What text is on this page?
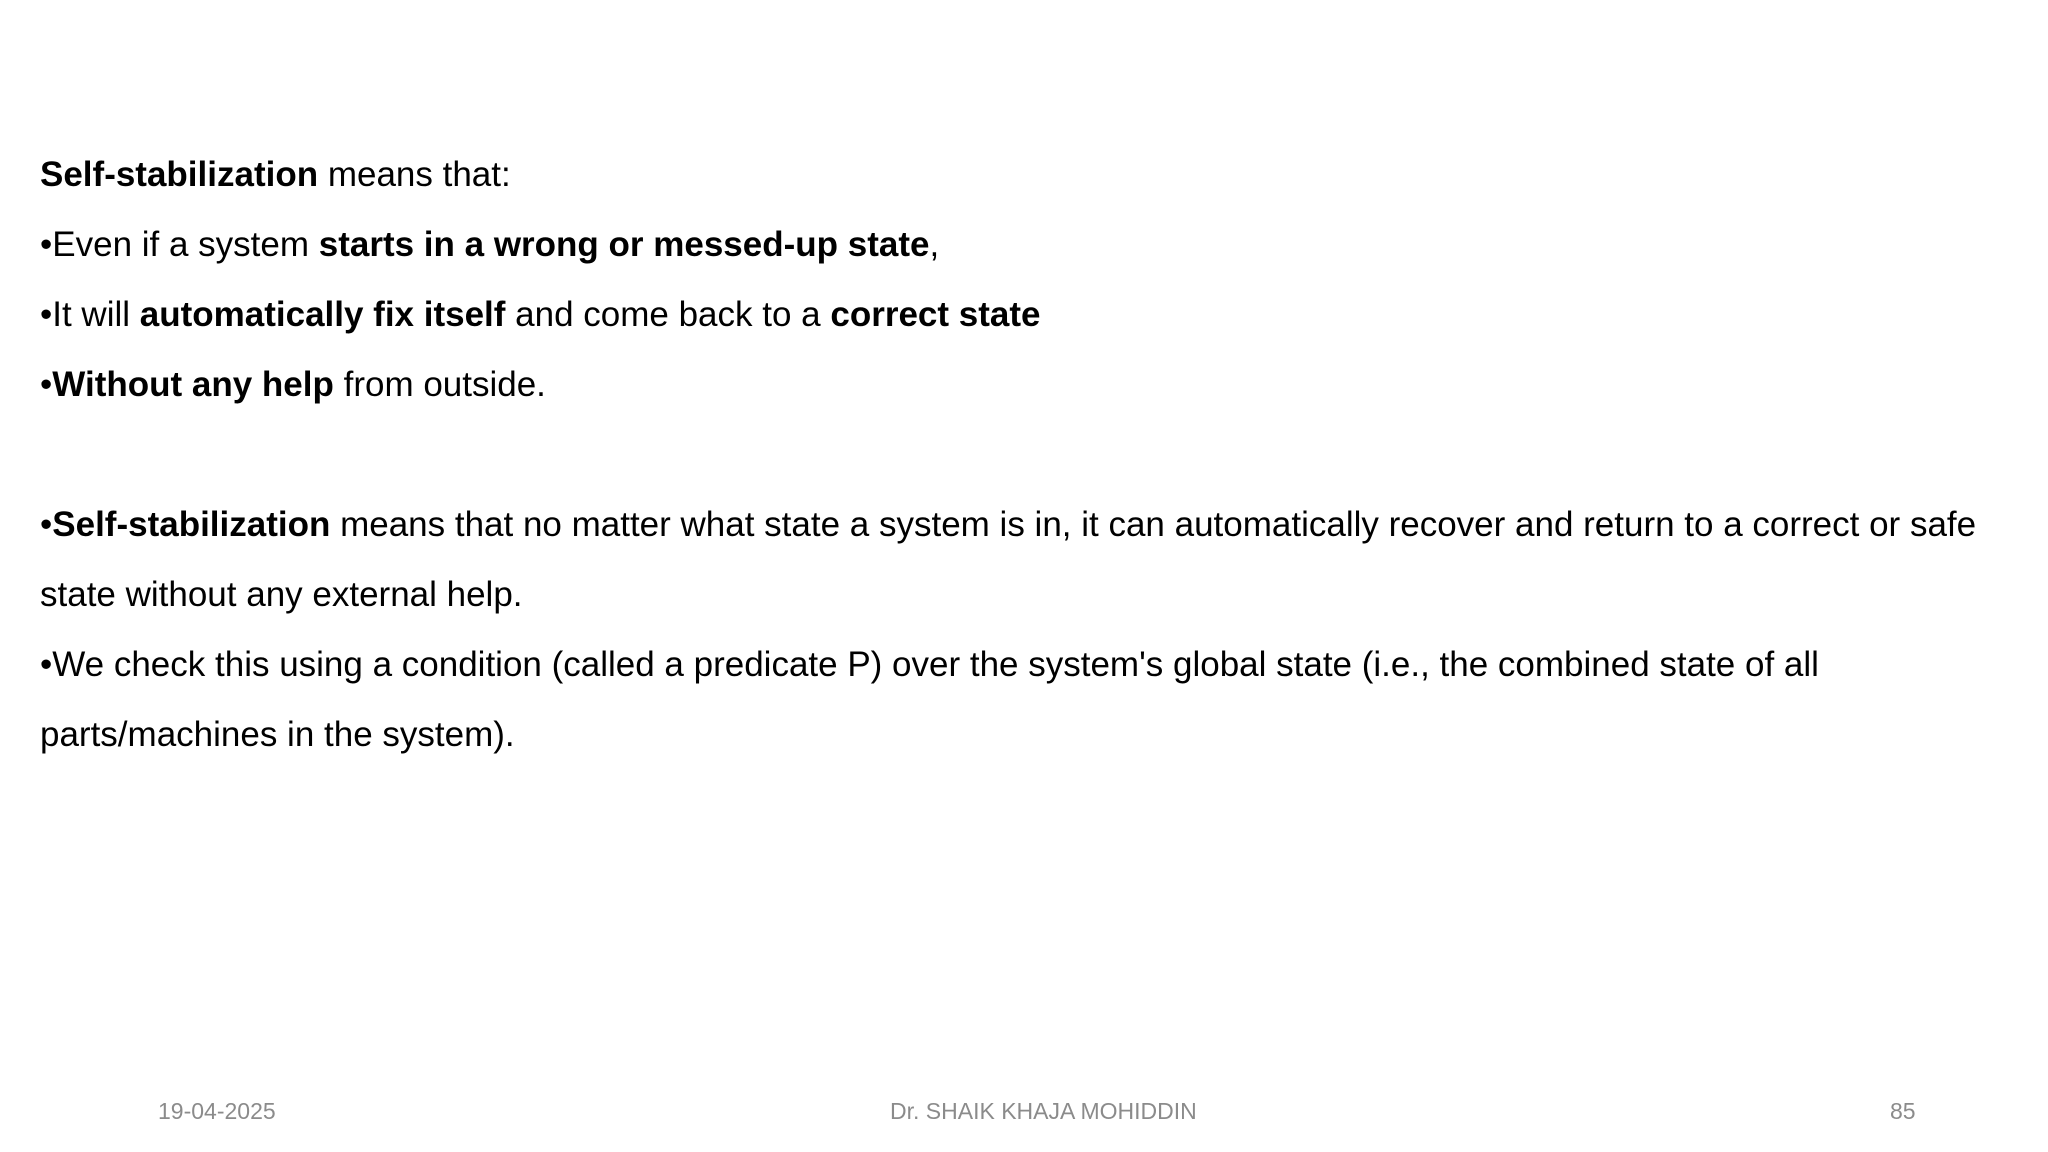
Self-stabilization means that:

•Even if a system starts in a wrong or messed-up state,

•It will automatically fix itself and come back to a correct state

•Without any help from outside.

•Self-stabilization means that no matter what state a system is in, it can automatically recover and return to a correct or safe state without any external help.

•We check this using a condition (called a predicate P) over the system's global state (i.e., the combined state of all parts/machines in the system).

19-04-2025	Dr. SHAIK KHAJA MOHIDDIN	85
